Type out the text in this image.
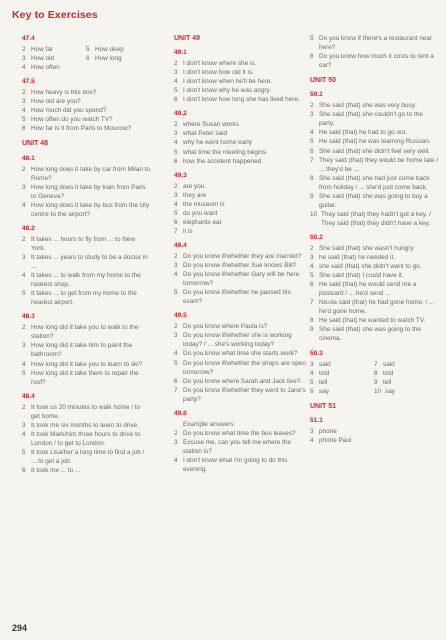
Key to Exercises
47.4
2 How far	5 How deep
3 How old	6 How long
4 How often
47.5
2 How heavy is this box?
3 How old are you?
4 How much did you spend?
5 How often do you watch TV?
6 How far is it from Paris to Moscow?
UNIT 48
48.1
2 How long does it take by car from Milan to Rome?
3 How long does it take by train from Paris to Geneva?
4 How long does it take by bus from the city centre to the airport?
48.2
2 It takes ... hours to fly from ... to New York.
3 It takes ... years to study to be a doctor in ...
4 It takes ... to walk from my home to the nearest shop.
5 It takes ... to get from my home to the nearest airport.
48.3
2 How long did it take you to walk to the station?
3 How long did it take him to paint the bathroom?
4 How long did it take you to learn to ski?
5 How long did it take them to repair the roof?
48.4
2 It took us 20 minutes to walk home / to get home.
3 It took me six months to learn to drive.
4 It took Mark/him three hours to drive to London / to get to London.
5 It took Lisa/her a long time to find a job / ... to get a job.
6 It took me ... to ...
UNIT 49
49.1
2 I don't know where she is.
3 I don't know how old it is.
4 I don't know when he'll be here.
5 I don't know why he was angry.
6 I don't know how long she has lived here.
49.2
2 where Susan works
3 what Peter said
4 why he went home early
5 what time the meeting begins
6 how the accident happened
49.3
2 are you
3 they are
4 the museum is
5 do you want
6 elephants eat
7 it is
49.4
2 Do you know if/whether they are married?
3 Do you know if/whether Sue knows Bill?
4 Do you know if/whether Gary will be here tomorrow?
5 Do you know if/whether he passed his exam?
49.5
2 Do you know where Paula is?
3 Do you know if/whether she is working today? / ... she's working today?
4 Do you know what time she starts work?
5 Do you know if/whether the shops are open tomorrow?
6 Do you know where Sarah and Jack live?
7 Do you know if/whether they went to Jane's party?
49.6
Example answers:
2 Do you know what time the bus leaves?
3 Excuse me, can you tell me where the station is?
4 I don't know what I'm going to do this evening.
5 Do you know if there's a restaurant near here?
6 Do you know how much it costs to rent a car?
UNIT 50
50.1
2 She said (that) she was very busy.
3 She said (that) she couldn't go to the party.
4 He said (that) he had to go out.
5 He said (that) he was learning Russian.
6 She said (that) she didn't feel very well.
7 They said (that) they would be home late / ... they'd be ...
8 She said (that) she had just come back from holiday / ... she'd just come back.
9 She said (that) she was going to buy a guitar.
10 They said (that) they hadn't got a key. / They said (that) they didn't have a key.
50.2
2 She said (that) she wasn't hungry.
3 he said (that) he needed it.
4 she said (that) she didn't want to go.
5 She said (that) I could have it.
6 He said (that) he would send me a postcard / ... he'd send ...
7 Nicola said (that) he had gone home. / ... he'd gone home.
8 He said (that) he wanted to watch TV.
9 She said (that) she was going to the cinema.
50.3
3 said	7 said
4 told	8 told
5 tell	9 tell
6 say	10 say
UNIT 51
51.1
3 phone
4 phone Paul
294
